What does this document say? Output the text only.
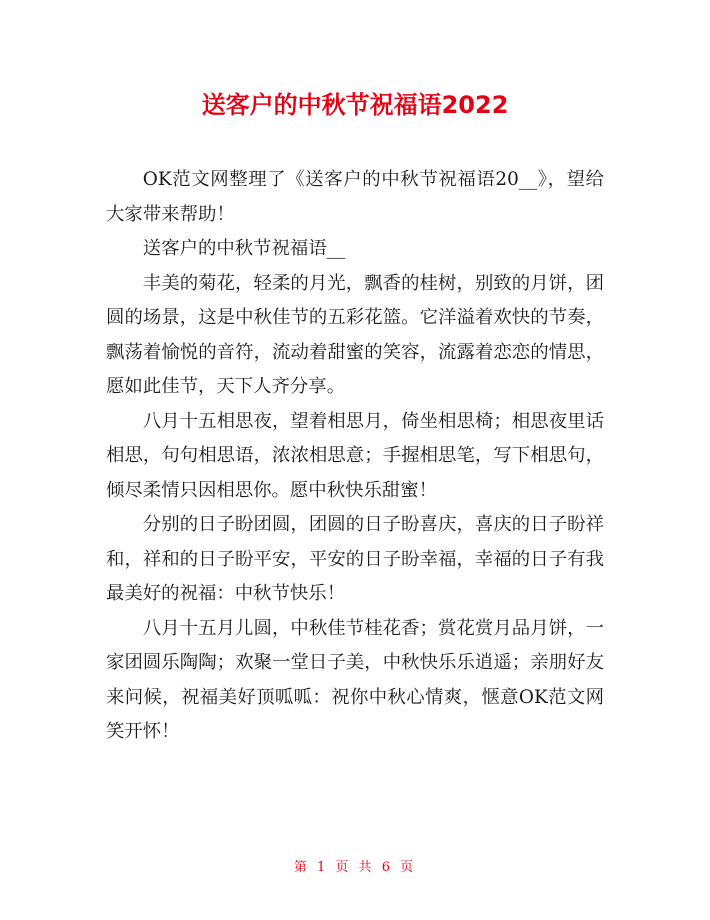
送客户的中秋节祝福语2022

OK范文网整理了《送客户的中秋节祝福语20__》，望给大家带来帮助！

送客户的中秋节祝福语__

丰美的菊花，轻柔的月光，飘香的桂树，别致的月饼，团圆的场景，这是中秋佳节的五彩花篮。它洋溢着欢快的节奏，飘荡着愉悦的音符，流动着甜蜜的笑容，流露着恋恋的情思，愿如此佳节，天下人齐分享。

八月十五相思夜，望着相思月，倚坐相思椅；相思夜里话相思，句句相思语，浓浓相思意；手握相思笔，写下相思句，倾尽柔情只因相思你。愿中秋快乐甜蜜！

分别的日子盼团圆，团圆的日子盼喜庆，喜庆的日子盼祥和，祥和的日子盼平安，平安的日子盼幸福，幸福的日子有我最美好的祝福：中秋节快乐！

八月十五月儿圆，中秋佳节桂花香；赏花赏月品月饼，一家团圆乐陶陶；欢聚一堂日子美，中秋快乐乐逍遥；亲朋好友来问候，祝福美好顶呱呱：祝你中秋心情爽，惬意OK范文网笑开怀！

第 1 页 共 6 页
